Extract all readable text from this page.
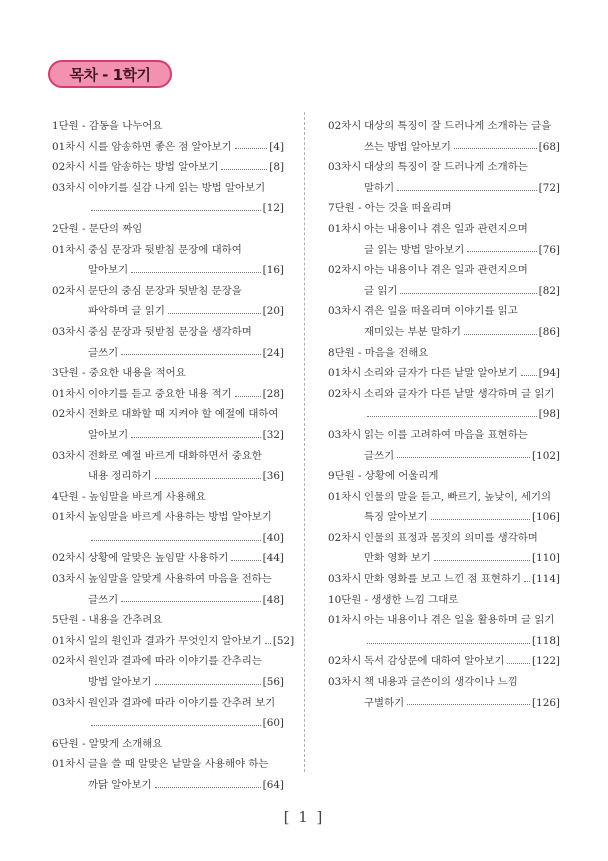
목차 - 1학기
1단원 - 감동을 나누어요
01차시 시를 암송하면 좋은 점 알아보기	[4]
02차시 시를 암송하는 방법 알아보기	[8]
03차시 이야기를 실감 나게 읽는 방법 알아보기
[12]
2단원 - 문단의 짜임
01차시 중심 문장과 뒷받침 문장에 대하여
알아보기	[16]
02차시 문단의 중심 문장과 뒷받침 문장을
파악하며 글 읽기	[20]
03차시 중심 문장과 뒷받침 문장을 생각하며
글쓰기	[24]
3단원 - 중요한 내용을 적어요
01차시 이야기를 듣고 중요한 내용 적기	[28]
02차시 전화로 대화할 때 지켜야 할 예절에 대하여
알아보기	[32]
03차시 전화로 예절 바르게 대화하면서 중요한
내용 정리하기	[36]
4단원 - 높임말을 바르게 사용해요
01차시 높임말을 바르게 사용하는 방법 알아보기
[40]
02차시 상황에 알맞은 높임말 사용하기	[44]
03차시 높임말을 알맞게 사용하여 마음을 전하는
글쓰기	[48]
5단원 - 내용을 간추려요
01차시 일의 원인과 결과가 무엇인지 알아보기 [52]
02차시 원인과 결과에 따라 이야기를 간추리는
방법 알아보기	[56]
03차시 원인과 결과에 따라 이야기를 간추려 보기
[60]
6단원 - 알맞게 소개해요
01차시 글을 쓸 때 알맞은 낱말을 사용해야 하는
까닭 알아보기	[64]
02차시 대상의 특징이 잘 드러나게 소개하는 글을
쓰는 방법 알아보기	[68]
03차시 대상의 특징이 잘 드러나게 소개하는
말하기	[72]
7단원 - 아는 것을 떠올리며
01차시 아는 내용이나 겪은 일과 관련지으며
글 읽는 방법 알아보기	[76]
02차시 아는 내용이나 겪은 일과 관련지으며
글 읽기	[82]
03차시 겪은 일을 떠올리며 이야기를 읽고
재미있는 부분 말하기	[86]
8단원 - 마음을 전해요
01차시 소리와 글자가 다른 낱말 알아보기 [94]
02차시 소리와 글자가 다른 낱말 생각하며 글 읽기
[98]
03차시 읽는 이를 고려하여 마음을 표현하는
글쓰기	[102]
9단원 - 상황에 어울리게
01차시 인물의 말을 듣고, 빠르기, 높낮이, 세기의
특징 알아보기	[106]
02차시 인물의 표정과 몸짓의 의미를 생각하며
만화 영화 보기	[110]
03차시 만화 영화를 보고 느낀 점 표현하기 [114]
10단원 - 생생한 느낌 그대로
01차시 아는 내용이나 겪은 일을 활용하며 글 읽기
[118]
02차시 독서 감상문에 대하여 알아보기	[122]
03차시 책 내용과 글쓴이의 생각이나 느낌
구별하기	[126]
[ 1 ]
